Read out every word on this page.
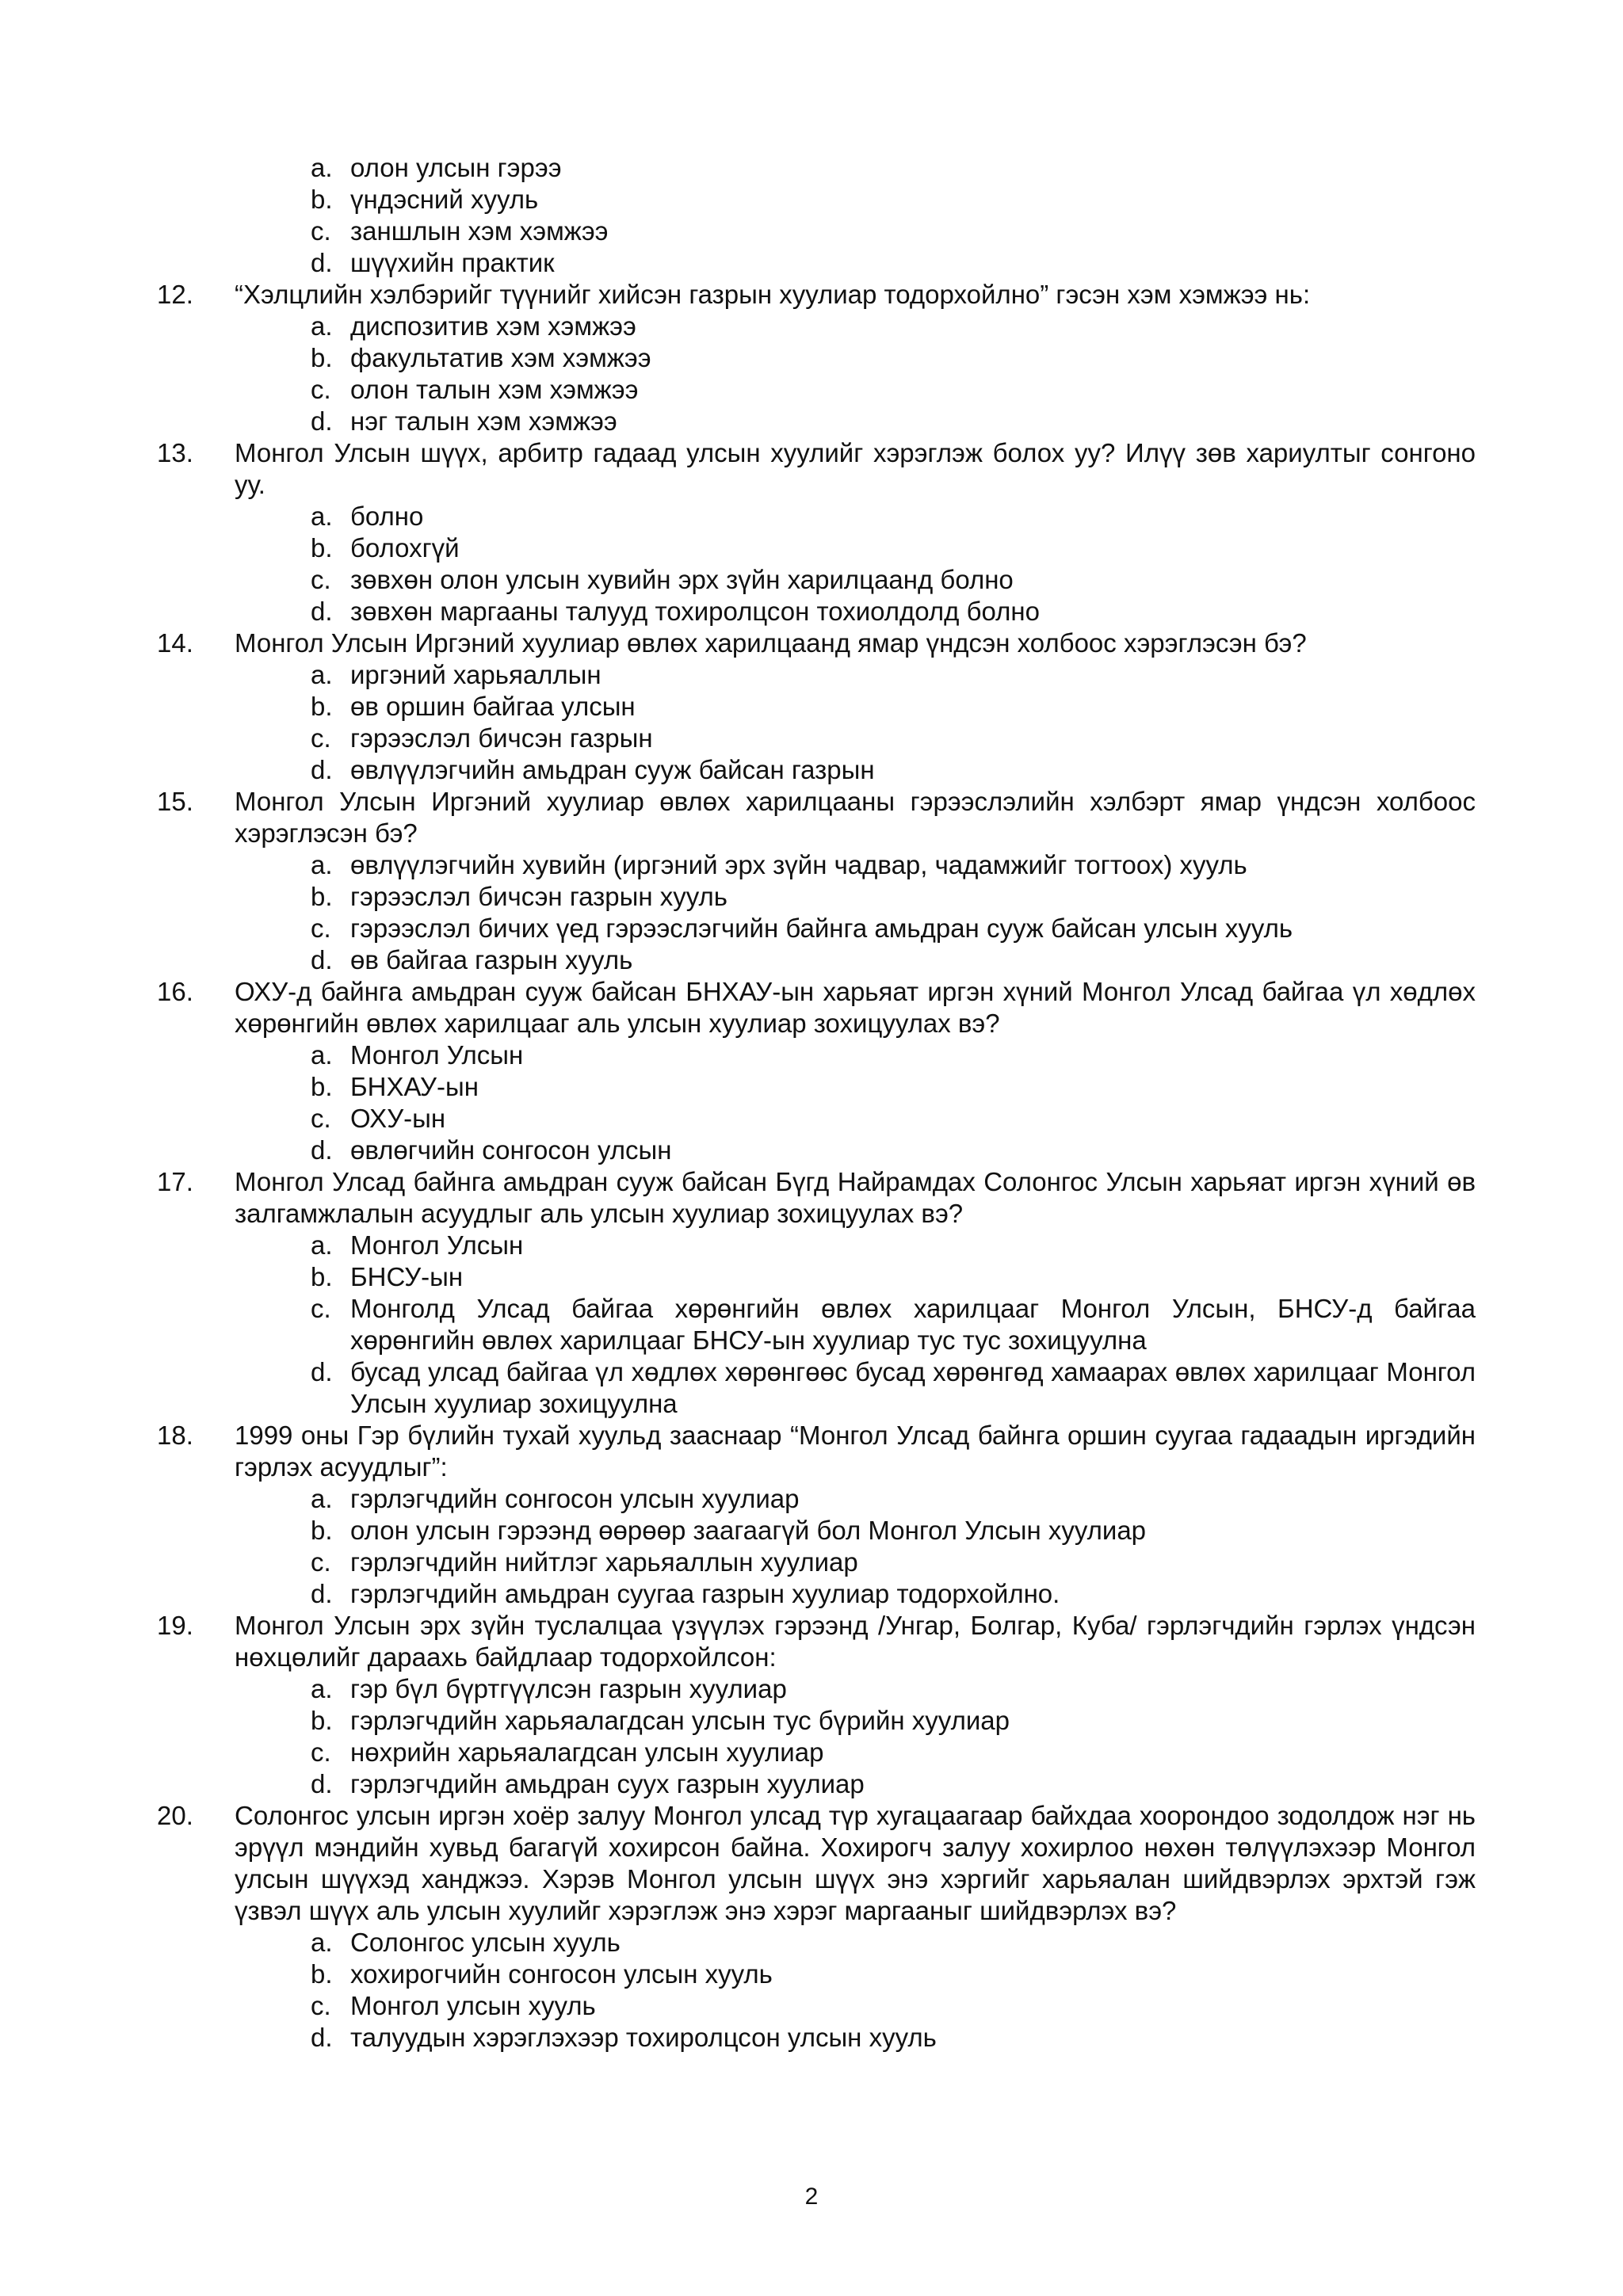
a. олон улсын гэрээ
b. үндэсний хууль
c. заншлын хэм хэмжээ
d. шүүхийн практик
12.	“Хэлцлийн хэлбэрийг түүнийг хийсэн газрын хуулиар тодорхойлно” гэсэн хэм хэмжээ нь:
a. диспозитив хэм хэмжээ
b. факультатив хэм хэмжээ
c. олон талын хэм хэмжээ
d. нэг талын хэм хэмжээ
13.	Монгол Улсын шүүх, арбитр гадаад улсын хуулийг хэрэглэж болох уу? Илүү зөв хариултыг сонгоно уу.
a. болно
b. болохгүй
c. зөвхөн олон улсын хувийн эрх зүйн харилцаанд болно
d. зөвхөн маргааны талууд тохиролцсон тохиолдолд болно
14.	Монгол Улсын Иргэний хуулиар өвлөх харилцаанд ямар үндсэн холбоос хэрэглэсэн бэ?
a. иргэний харьяаллын
b. өв оршин байгаа улсын
c. гэрээслэл бичсэн газрын
d. өвлүүлэгчийн амьдран сууж байсан газрын
15.	Монгол Улсын Иргэний хуулиар өвлөх харилцааны гэрээслэлийн хэлбэрт ямар үндсэн холбоос хэрэглэсэн бэ?
a. өвлүүлэгчийн хувийн (иргэний эрх зүйн чадвар, чадамжийг тогтоох) хууль
b. гэрээслэл бичсэн газрын хууль
c. гэрээслэл бичих үед гэрээслэгчийн байнга амьдран сууж байсан улсын хууль
d. өв байгаа газрын хууль
16.	ОХУ-д байнга амьдран сууж байсан БНХАУ-ын харьяат иргэн хүний Монгол Улсад байгаа үл хөдлөх хөрөнгийн өвлөх харилцааг аль улсын хуулиар зохицуулах вэ?
a. Монгол Улсын
b. БНХАУ-ын
c. ОХУ-ын
d. өвлөгчийн сонгосон улсын
17.	Монгол Улсад байнга амьдран сууж байсан Бүгд Найрамдах Солонгос Улсын харьяат иргэн хүний өв залгамжлалын асуудлыг аль улсын хуулиар зохицуулах вэ?
a. Монгол Улсын
b. БНСУ-ын
c. Монголд Улсад байгаа хөрөнгийн өвлөх харилцааг Монгол Улсын, БНСУ-д байгаа хөрөнгийн өвлөх харилцааг БНСУ-ын хуулиар тус тус зохицуулна
d. бусад улсад байгаа үл хөдлөх хөрөнгөөс бусад хөрөнгөд хамаарах өвлөх харилцааг Монгол Улсын хуулиар зохицуулна
18.	1999 оны Гэр бүлийн тухай хуульд зааснаар “Монгол Улсад байнга оршин суугаа гадаадын иргэдийн гэрлэх асуудлыг”:
a. гэрлэгчдийн сонгосон улсын хуулиар
b. олон улсын гэрээнд өөрөөр заагаагүй бол Монгол Улсын хуулиар
c. гэрлэгчдийн нийтлэг харьяаллын хуулиар
d. гэрлэгчдийн амьдран суугаа газрын хуулиар тодорхойлно.
19.	Монгол Улсын эрх зүйн туслалцаа үзүүлэх гэрээнд /Унгар, Болгар, Куба/ гэрлэгчдийн гэрлэх үндсэн нөхцөлийг дараахь байдлаар тодорхойлсон:
a. гэр бүл бүртгүүлсэн газрын хуулиар
b. гэрлэгчдийн харьяалагдсан улсын тус бүрийн хуулиар
c. нөхрийн харьяалагдсан улсын хуулиар
d. гэрлэгчдийн амьдран суух газрын хуулиар
20.	Солонгос улсын иргэн хоёр залуу Монгол улсад түр хугацаагаар байхдаа хоорондоо зодолдож нэг нь эрүүл мэндийн хувьд багагүй хохирсон байна. Хохирогч залуу хохирлоо нөхөн төлүүлэхээр Монгол улсын шүүхэд ханджээ. Хэрэв Монгол улсын шүүх энэ хэргийг харьяалан шийдвэрлэх эрхтэй гэж үзвэл шүүх аль улсын хуулийг хэрэглэж энэ хэрэг маргааныг шийдвэрлэх вэ?
a. Солонгос улсын хууль
b. хохирогчийн сонгосон улсын хууль
c. Монгол улсын хууль
d. талуудын хэрэглэхээр тохиролцсон улсын хууль
2
